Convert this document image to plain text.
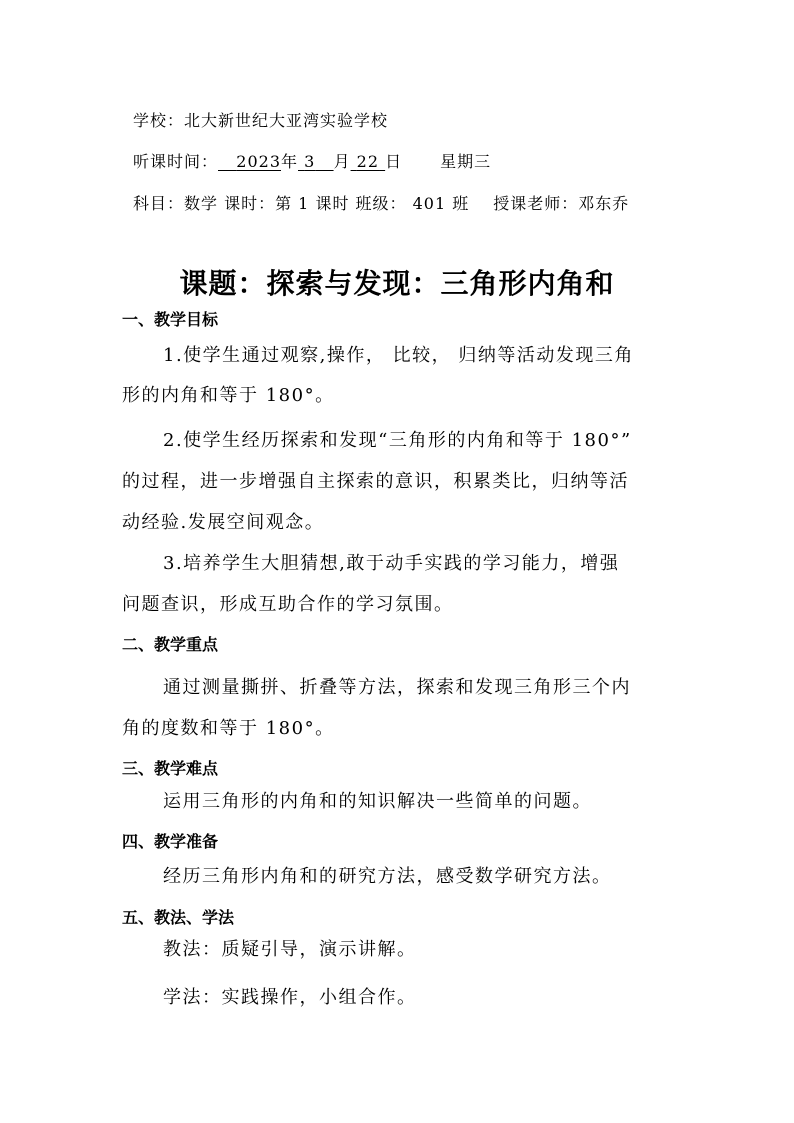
学校：北大新世纪大亚湾实验学校
听课时间： 2023年 3 月 22 日 星期三
科目：数学 课时：第 1 课时 班级： 401 班 授课老师：邓东乔
课题：探索与发现：三角形内角和
一、教学目标
1.使学生通过观察,操作， 比较， 归纳等活动发现三角
形的内角和等于 180°。
2.使学生经历探索和发现“三角形的内角和等于 180°”
的过程，进一步增强自主探索的意识，积累类比，归纳等活
动经验.发展空间观念。
3.培养学生大胆猜想,敢于动手实践的学习能力，增强
问题查识，形成互助合作的学习氛围。
二、教学重点
通过测量撕拼、折叠等方法，探索和发现三角形三个内
角的度数和等于 180°。
三、教学难点
运用三角形的内角和的知识解决一些简单的问题。
四、教学准备
经历三角形内角和的研究方法，感受数学研究方法。
五、教法、学法
教法：质疑引导，演示讲解。
学法：实践操作，小组合作。
